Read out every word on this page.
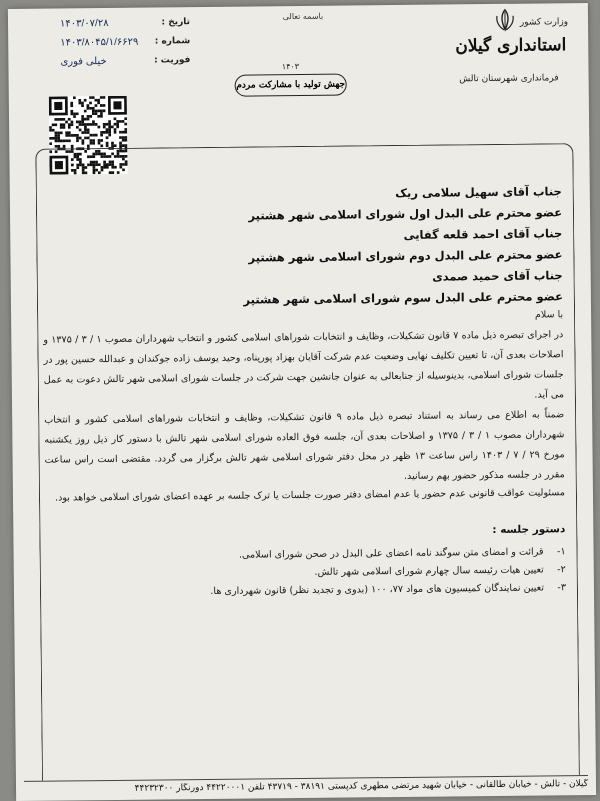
باسمه تعالی
وزارت کشور
استانداری گیلان
فرمانداری شهرستان تالش
۱۴۰۳
جهش تولید با مشارکت مردم
تاریخ :
۱۴۰۳/۰۷/۲۸
شماره :
۱۴۰۳/۸۰۴۵/۱/۶۶۲۹
فوریت :
خیلی فوری
جناب آقای سهیل سلامی ریک
عضو محترم علی البدل اول شورای اسلامی شهر هشتپر
جناب آقای احمد قلعه گفایی
عضو محترم علی البدل دوم شورای اسلامی شهر هشتپر
جناب آقای حمید صمدی
عضو محترم علی البدل سوم شورای اسلامی شهر هشتپر
با سلام
در اجرای تبصره ذیل ماده ۷ قانون تشکیلات، وظایف و انتخابات شوراهای اسلامی کشور و انتخاب شهرداران مصوب ۱ / ۳ / ۱۳۷۵ و اصلاحات بعدی آن، تا تعیین تکلیف نهایی وضعیت عدم شرکت آقایان بهزاد پورپناه، وحید یوسف زاده جوکندان و عبدالله حسین پور در جلسات شورای اسلامی، بدینوسیله از جنابعالی به عنوان جانشین جهت شرکت در جلسات شورای اسلامی شهر تالش دعوت به عمل می آید.
ضمناً به اطلاع می رساند به استناد تبصره ذیل ماده ۹ قانون تشکیلات، وظایف و انتخابات شوراهای اسلامی کشور و انتخاب شهرداران مصوب ۱ / ۳ / ۱۳۷۵ و اصلاحات بعدی آن، جلسه فوق العاده شورای اسلامی شهر تالش با دستور کار ذیل روز یکشنبه مورخ ۲۹ / ۷ / ۱۴۰۳ راس ساعت ۱۳ ظهر در محل دفتر شورای اسلامی شهر تالش برگزار می گردد. مقتضی است راس ساعت مقرر در جلسه مذکور حضور بهم رسانید.
مسئولیت عواقب قانونی عدم حضور یا عدم امضای دفتر صورت جلسات یا ترک جلسه بر عهده اعضای شورای اسلامی خواهد بود.
دستور جلسه :
۱-
قرائت و امضای متن سوگند نامه اعضای علی البدل در صحن شورای اسلامی.
۲-
تعیین هیات رئیسه سال چهارم شورای اسلامی شهر تالش.
۳-
تعیین نمایندگان کمیسیون های مواد ۷۷، ۱۰۰ (بدوی و تجدید نظر) قانون شهرداری ها.
گیلان - تالش - خیابان طالقانی - خیابان شهید مرتضی مطهری کدپستی ۳۸۱۹۱ - ۴۳۷۱۹ تلفن ۴۴۲۲۰۰۰۱ دورنگار ۴۴۲۳۲۳۰۰
